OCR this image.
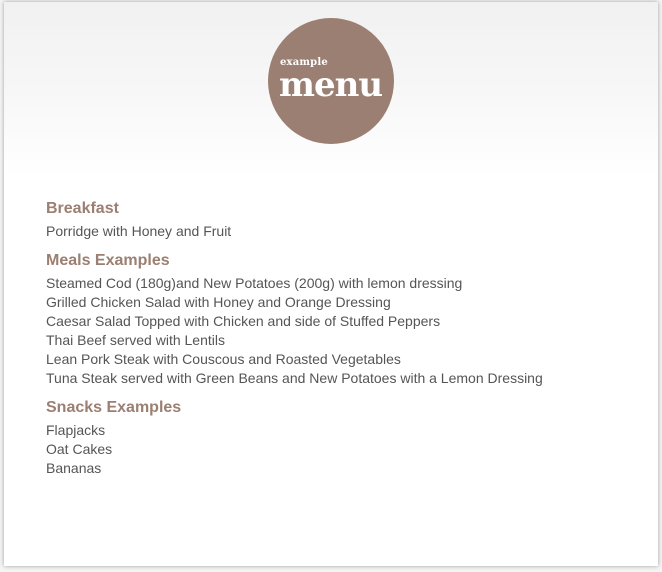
example
menu
Breakfast
Porridge with Honey and Fruit
Meals Examples
Steamed Cod (180g)and New Potatoes (200g) with lemon dressing
Grilled Chicken Salad with Honey and Orange Dressing
Caesar Salad Topped with Chicken and side of Stuffed Peppers
Thai Beef served with Lentils
Lean Pork Steak with Couscous and Roasted Vegetables
Tuna Steak served with Green Beans and New Potatoes with a Lemon Dressing
Snacks Examples
Flapjacks
Oat Cakes
Bananas
